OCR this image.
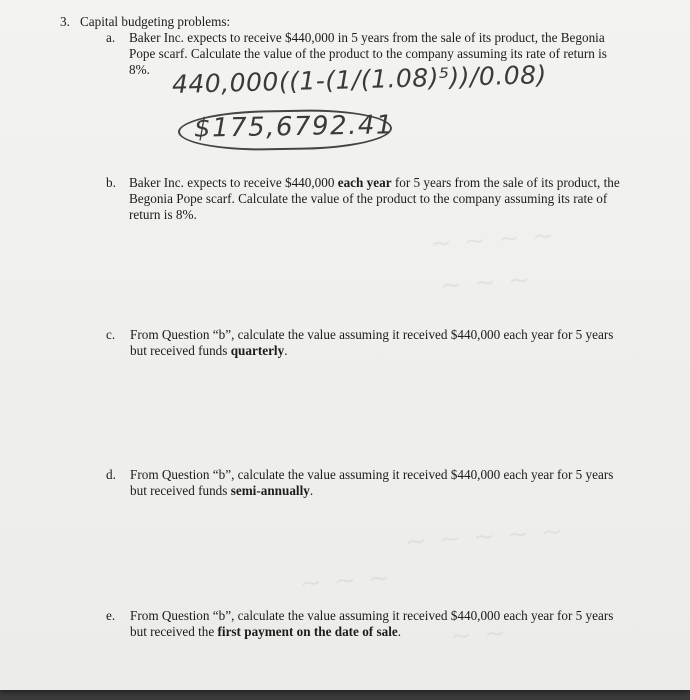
~ ~ ~ ~
~ ~ ~
~ ~ ~ ~ ~
~ ~ ~
~ ~
3. Capital budgeting problems:
a.	Baker Inc. expects to receive $440,000 in 5 years from the sale of its product, the Begonia
Pope scarf. Calculate the value of the product to the company assuming its rate of return is
8%. 440,000((1-(1/(1.08)⁵))/0.08)
$175,6792.41
b. Baker Inc. expects to receive $440,000 each year for 5 years from the sale of its product, the
Begonia Pope scarf. Calculate the value of the product to the company assuming its rate of
return is 8%.
c.	From Question “b”, calculate the value assuming it received $440,000 each year for 5 years
but received funds quarterly.
d.	From Question “b”, calculate the value assuming it received $440,000 each year for 5 years
but received funds semi-annually.
e.	From Question “b”, calculate the value assuming it received $440,000 each year for 5 years
but received the first payment on the date of sale.
